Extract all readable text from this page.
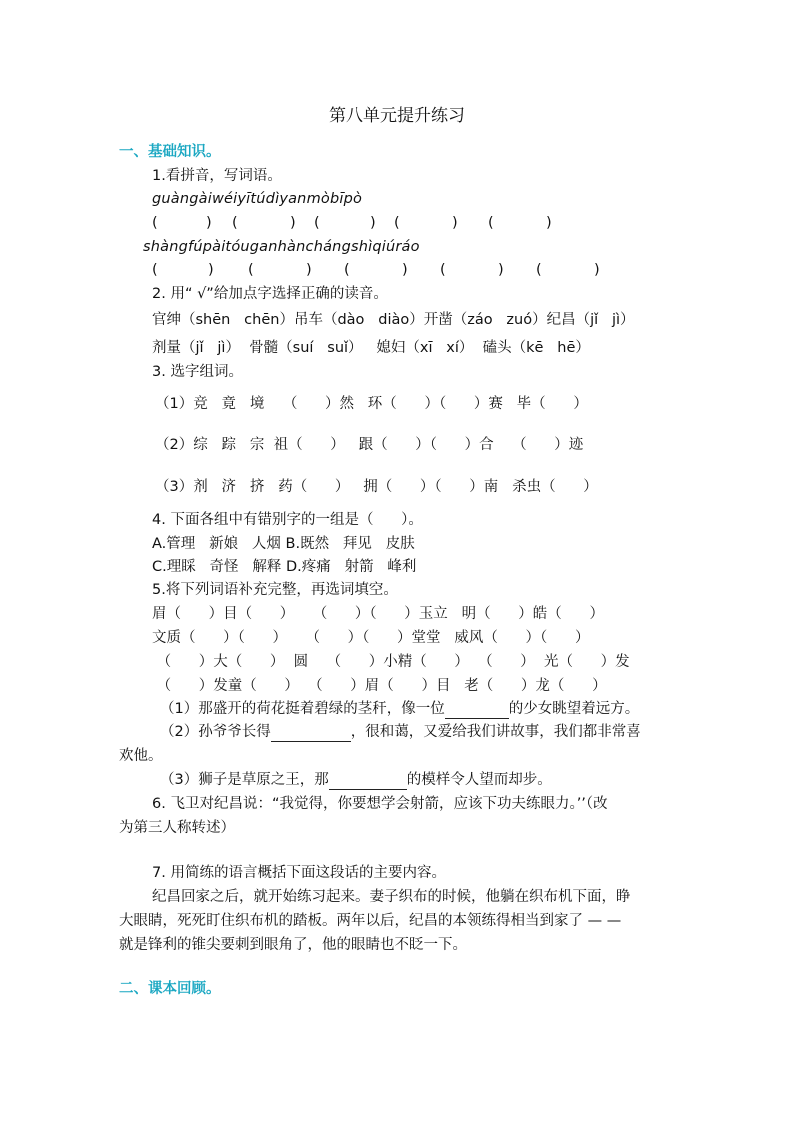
第八单元提升练习
一、基础知识。
1.看拼音，写词语。
guàngàiwéiyītúdìyanmòbīpò
(	) (	) (	) (	) (	)
shàngfúpàitóuganhànchángshìqiúráo
(	) (	) (	) (	) (	)
2. 用“ √”给加点字选择正确的读音。
官绅（shēn   chēn）吊车（dào   diào）开凿（záo   zuó）纪昌（jǐ   jì）
剂量（jǐ   jì）  骨髓（suí   suǐ）   媳妇（xī   xí）  磕头（kē   hē）
3. 选字组词。
（1）竞   竟   境    （      ）然   环（      ）（      ）赛   毕（      ）
（2）综   踪   宗  祖（      ）   跟（      ）（      ）合    （      ）迹
（3）剂   济   挤   药（      ）   拥（      ）（      ）南   杀虫（      ）
4. 下面各组中有错别字的一组是（      ）。
A.管理   新娘   人烟 B.既然   拜见   皮肤
C.理睬   奇怪   解释 D.疼痛   射箭   峰利
5.将下列词语补充完整，再选词填空。
眉（      ）目（      ）    （      ）（      ）玉立   明（      ）皓（      ）
文质（      ）（      ）    （      ）（      ）堂堂   威风（      ）（      ）
（      ）大（      ）  圆    （      ）小精（      ）  （      ）  光（      ）发
（      ）发童（      ）  （      ）眉（      ）目   老（      ）龙（      ）
（1）那盛开的荷花挺着碧绿的茎秆，像一位	的少女眺望着远方。
（2）孙爷爷长得	，很和蔼，又爱给我们讲故事，我们都非常喜
欢他。
（3）狮子是草原之王，那	的模样令人望而却步。
6. 飞卫对纪昌说：“我觉得，你要想学会射箭，应该下功夫练眼力。’’（改
为第三人称转述）
7. 用简练的语言概括下面这段话的主要内容。
纪昌回家之后，就开始练习起来。妻子织布的时候，他躺在织布机下面，睁
大眼睛，死死盯住织布机的踏板。两年以后，纪昌的本领练得相当到家了 — —
就是锋利的锥尖要刺到眼角了，他的眼睛也不眨一下。
二、课本回顾。
